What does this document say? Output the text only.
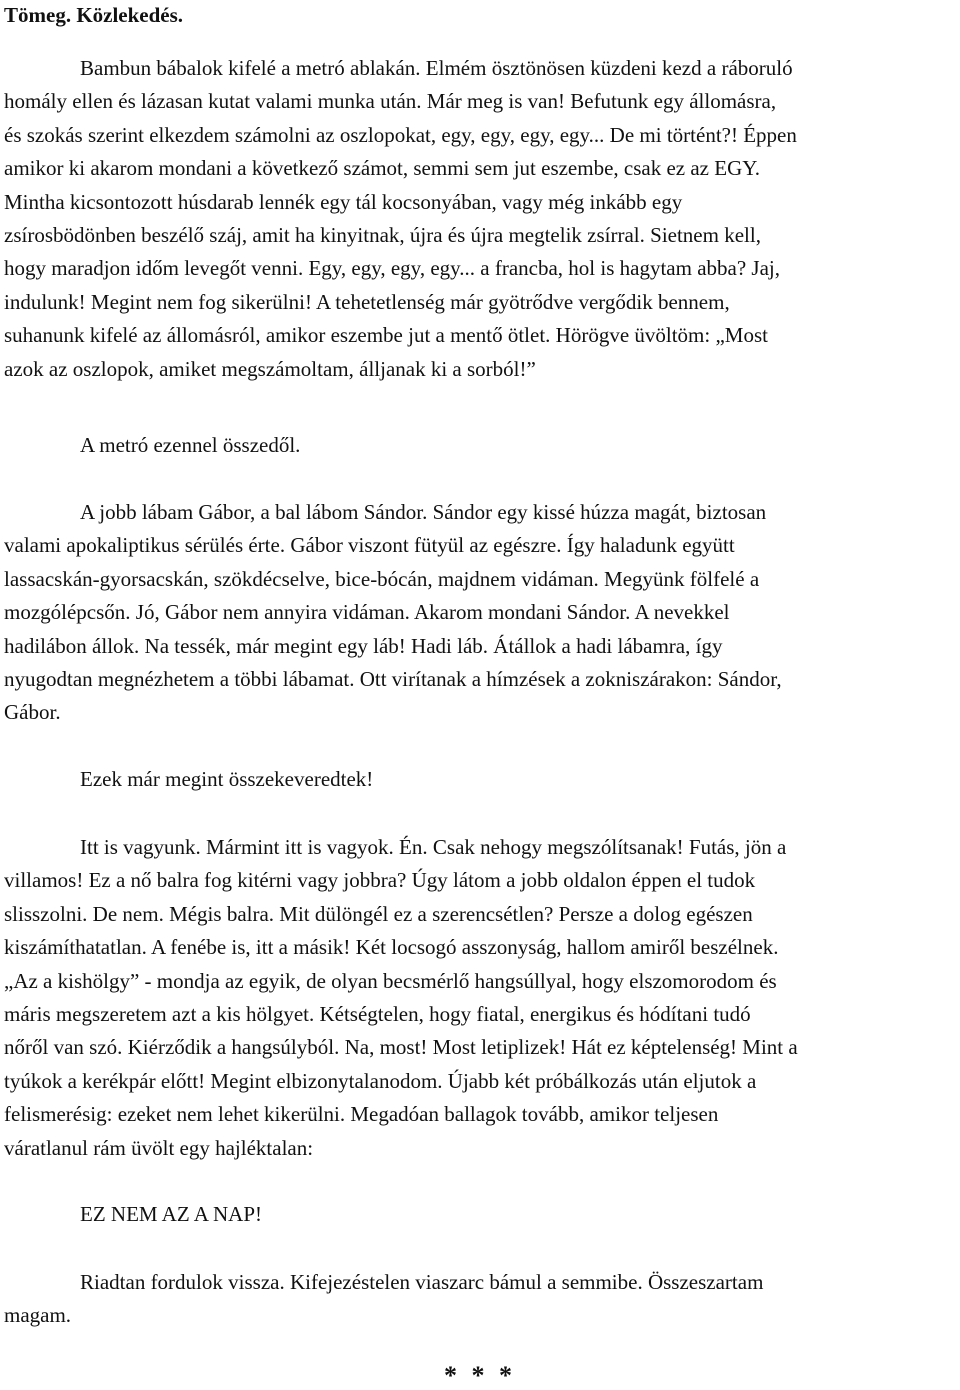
Tömeg. Közlekedés.

Bambun bábalok kifelé a metró ablakán. Elmém ösztönösen küzdeni kezd a ráboruló
homály ellen és lázasan kutat valami munka után. Már meg is van! Befutunk egy állomásra,
és szokás szerint elkezdem számolni az oszlopokat, egy, egy, egy, egy... De mi történt?! Éppen
amikor ki akarom mondani a következő számot, semmi sem jut eszembe, csak ez az EGY.
Mintha kicsontozott húsdarab lennék egy tál kocsonyában, vagy még inkább egy
zsírosbödönben beszélő száj, amit ha kinyitnak, újra és újra megtelik zsírral. Sietnem kell,
hogy maradjon időm levegőt venni. Egy, egy, egy, egy... a francba, hol is hagytam abba? Jaj,
indulunk! Megint nem fog sikerülni! A tehetetlenség már gyötrődve vergődik bennem,
suhanunk kifelé az állomásról, amikor eszembe jut a mentő ötlet. Hörögve üvöltöm: „Most
azok az oszlopok, amiket megszámoltam, álljanak ki a sorból!”

A metró ezennel összedől.

A jobb lábam Gábor, a bal lábom Sándor. Sándor egy kissé húzza magát, biztosan
valami apokaliptikus sérülés érte. Gábor viszont fütyül az egészre. Így haladunk együtt
lassacskán-gyorsacskán, szökdécselve, bice-bócán, majdnem vidáman. Megyünk fölfelé a
mozgólépcsőn. Jó, Gábor nem annyira vidáman. Akarom mondani Sándor. A nevekkel
hadilábon állok. Na tessék, már megint egy láb! Hadi láb. Átállok a hadi lábamra, így
nyugodtan megnézhetem a többi lábamat. Ott virítanak a hímzések a zokniszárakon: Sándor,
Gábor.

Ezek már megint összekeveredtek!

Itt is vagyunk. Mármint itt is vagyok. Én. Csak nehogy megszólítsanak! Futás, jön a
villamos! Ez a nő balra fog kitérni vagy jobbra? Úgy látom a jobb oldalon éppen el tudok
slisszolni. De nem. Mégis balra. Mit dülöngél ez a szerencsétlen? Persze a dolog egészen
kiszámíthatatlan. A fenébe is, itt a másik! Két locsogó asszonyság, hallom amiről beszélnek.
„Az a kishölgy” - mondja az egyik, de olyan becsmérlő hangsúllyal, hogy elszomorodom és
máris megszeretem azt a kis hölgyet. Kétségtelen, hogy fiatal, energikus és hódítani tudó
nőről van szó. Kiérződik a hangsúlyból. Na, most! Most letiplizek! Hát ez képtelenség! Mint a
tyúkok a kerékpár előtt! Megint elbizonytalanodom. Újabb két próbálkozás után eljutok a
felismerésig: ezeket nem lehet kikerülni. Megadóan ballagok tovább, amikor teljesen
váratlanul rám üvölt egy hajléktalan:

EZ NEM AZ A NAP!

Riadtan fordulok vissza. Kifejezéstelen viaszarc bámul a semmibe. Összeszartam
magam.

* * *
